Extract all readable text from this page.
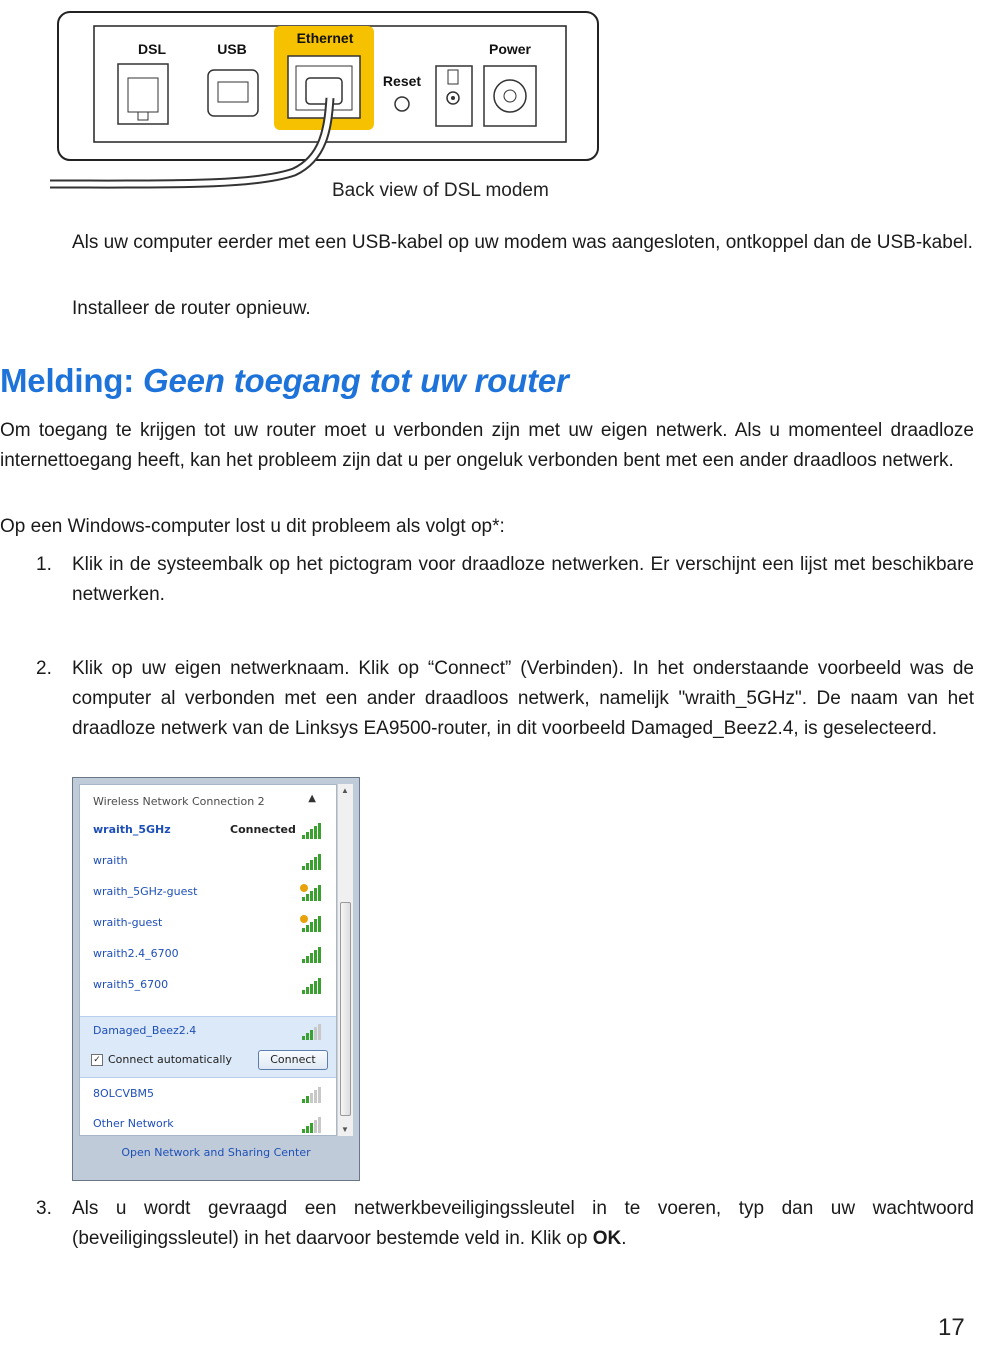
DSL	USB
Ethernet
Reset
Power
Back view of DSL modem
Als uw computer eerder met een USB-kabel op uw modem was aangesloten, ontkoppel dan de USB-kabel.
Installeer de router opnieuw.
Melding: Geen toegang tot uw router
Om toegang te krijgen tot uw router moet u verbonden zijn met uw eigen netwerk. Als u momenteel draadloze internettoegang heeft, kan het probleem zijn dat u per ongeluk verbonden bent met een ander draadloos netwerk.
Op een Windows-computer lost u dit probleem als volgt op*:
1. Klik in de systeembalk op het pictogram voor draadloze netwerken. Er verschijnt een lijst met beschikbare netwerken.
2. Klik op uw eigen netwerknaam. Klik op “Connect” (Verbinden). In het onderstaande voorbeeld was de computer al verbonden met een ander draadloos netwerk, namelijk "wraith_5GHz". De naam van het draadloze netwerk van de Linksys EA9500-router, in dit voorbeeld Damaged_Beez2.4, is geselecteerd.
Wireless Network Connection 2	▲
✓ Connect automatically	Connect
wraith_5GHz	Connected
wraith
wraith_5GHz-guest
wraith-guest
wraith2.4_6700
wraith5_6700
Damaged_Beez2.4
8OLCVBM5
Other Network
▲
▼
Open Network and Sharing Center
3. Als u wordt gevraagd een netwerkbeveiligingssleutel in te voeren, typ dan uw wachtwoord (beveiligingssleutel) in het daarvoor bestemde veld in. Klik op OK.
17
